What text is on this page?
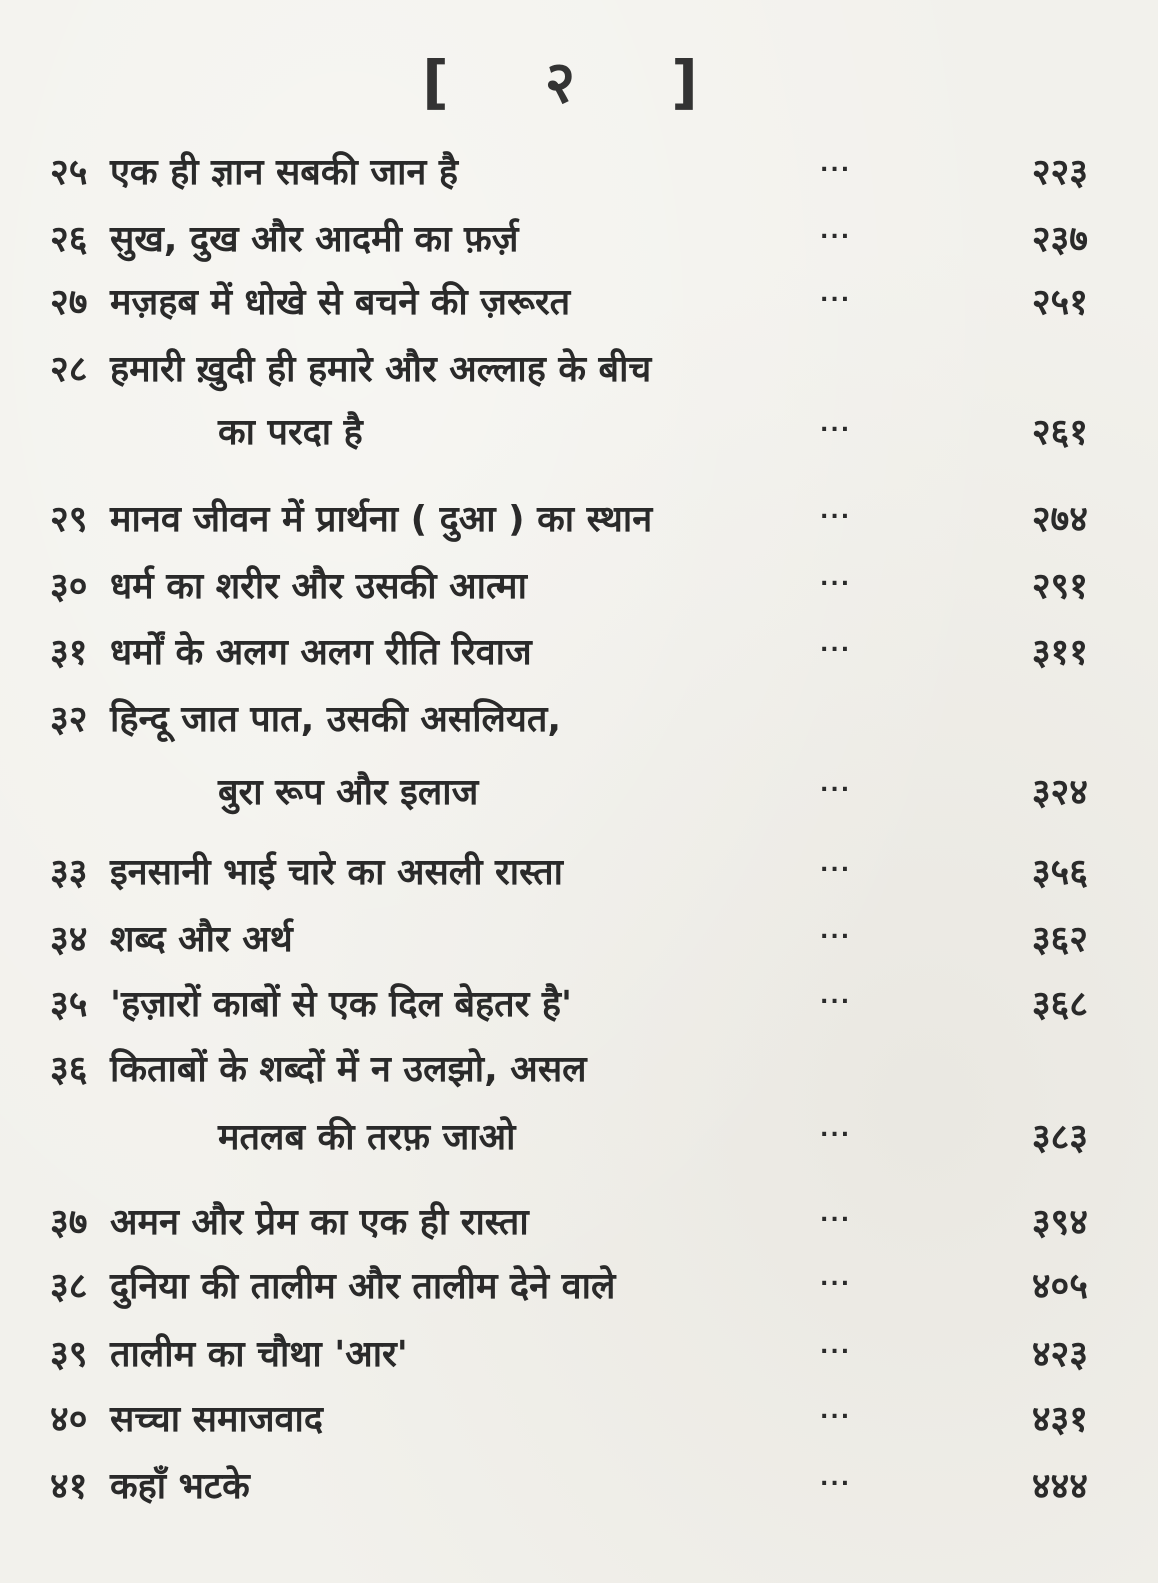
[ २ ]
२५ एक ही ज्ञान सबकी जान है	...	२२३
२६ सुख, दुख और आदमी का फ़र्ज़	...	२३७
२७ मज़हब में धोखे से बचने की ज़रूरत	...	२५१
२८ हमारी ख़ुदी ही हमारे और अल्लाह के बीच
का परदा है	...	२६१
२९ मानव जीवन में प्रार्थना ( दुआ ) का स्थान	...	२७४
३० धर्म का शरीर और उसकी आत्मा	...	२९१
३१ धर्मों के अलग अलग रीति रिवाज	...	३११
३२ हिन्दू जात पात, उसकी असलियत,
बुरा रूप और इलाज	...	३२४
३३ इनसानी भाई चारे का असली रास्ता	...	३५६
३४ शब्द और अर्थ	...	३६२
३५ 'हज़ारों काबों से एक दिल बेहतर है'	...	३६८
३६ किताबों के शब्दों में न उलझो, असल
मतलब की तरफ़ जाओ	...	३८३
३७ अमन और प्रेम का एक ही रास्ता	...	३९४
३८ दुनिया की तालीम और तालीम देने वाले	...	४०५
३९ तालीम का चौथा 'आर'	...	४२३
४० सच्चा समाजवाद	...	४३१
४१ कहाँ भटके	...	४४४
